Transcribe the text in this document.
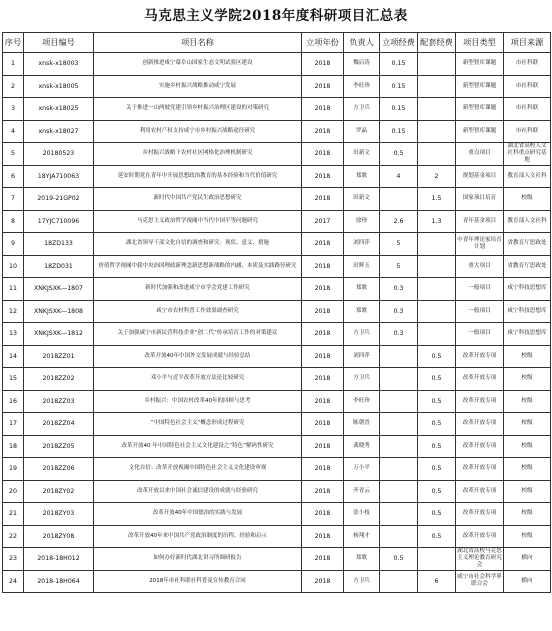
马克思主义学院2018年度科研项目汇总表
序号	项目编号	项目名称	立项年份	负责人	立项经费	配套经费	项目类型	项目来源
1	xnsk-x18003	创新推进咸宁幕阜山国家生态文明试验区建设	2018	魏启涛	0.15		新型智库课题	市社科联
2	xnsk-x18005	实施乡村振兴战略推动咸宁发展	2018	李旺珍	0.15		新型智库课题	市社科联
3	xnsk-x18025	关于推进一山两坡党建引领乡村振兴治理区建设的对策研究	2018	方卫兵	0.15		新型智库课题	市社科联
4	xnsk-x18027	利用农村产权支持咸宁市乡村振兴战略途径研究	2018	罗晶	0.15		新型智库课题	市社科联
5	20180523	乡村振兴战略下农村社区网格化治理机制研究	2018	田新文	0.5		重点项目	湖北省高校人文社科重点研究基地
6	18YJA710063	延安时期党在青年中开展思想政治教育的基本经验和当代价值研究	2018	郑歌	4	2	规划基金项目	教育部人文社科
7	2019-21GP02	新时代中国共产党民生政治思想研究	2018	田新文		1.5	国家项目培育	校级
8	17YJC710096	马克思主义政治哲学视阈中当代中国平等问题研究	2017	徐珍	2.6	1.3	青年基金项目	教育部人文社科
9	18ZD133	湖北省领导干部文化自信的调查和研究：现状、意义、措施	2018	刘四萍	5		中青年理论家培育计划	省教育厅思政处
10	18ZD031	价值哲学视阈中我中央治国理政新理念新思想新战略的内涵、本质及实践路径研究	2018	田辉玉	5		重大项目	省教育厅思政处
11	XNKJSXK—1807	新时代加强和改进咸宁市学会党建工作研究	2018	郑歌	0.3		一般项目	咸宁科技思想库
12	XNKJSXK—1808	咸宁市农村科普工作效果调查研究	2018	郑歌	0.3		一般项目	咸宁科技思想库
13	XNKJSXK—1812	关于加强咸宁市新民营科技企业“创二代”传承培育工作的对策建议	2018	方卫兵	0.3		一般项目	咸宁科技思想库
14	2018ZZ01	改革开放40年中国外交发展成就与经验总结	2018	刘四萍		0.5	改革开放专项	校级
15	2018ZZ02	邓小平与近平改革开放方法论比较研究	2018	方卫兵		0.5	改革开放专项	校级
16	2018ZZ03	乡村振兴：中国农村改革40年的回顾与思考	2018	李旺珍		0.5	改革开放专项	校级
17	2018ZZ04	“中国特色社会主义”概念形成过程研究	2018	陈朝晋		0.5	改革开放专项	校级
18	2018ZZ05	改革开放40 年中国特色社会主义文化建设之“特色”解码性研究	2018	龚晓秀		0.5	改革开放专项	校级
19	2018ZZ06	文化自信：改革开放视阈中国特色社会主义文化建设审视	2018	万小平		0.5	改革开放专项	校级
20	2018ZY02	改革开放以来中国社会诚信建设的成就与经验研究	2018	齐青云		0.5	改革开放专项	校级
21	2018ZY03	改革开放40年中国德治的实践与发展	2018	张小枝		0.5	改革开放专项	校级
22	2018ZY08	改革开放40年来中国共产党政治制度的历程、经验和启示	2018	杨翔才		0.5	改革开放专项	校级
23	2018-18H012	如何办好新时代湖北讲习所调研报告	2018	郑歌	0.5		湖北省高校马克思主义理论教育研究会	横向
24	2018-18H064	2018年市社科联社科普及宣传教育合同	2018	方卫兵		6	咸宁市社会科学界联合会	横向
